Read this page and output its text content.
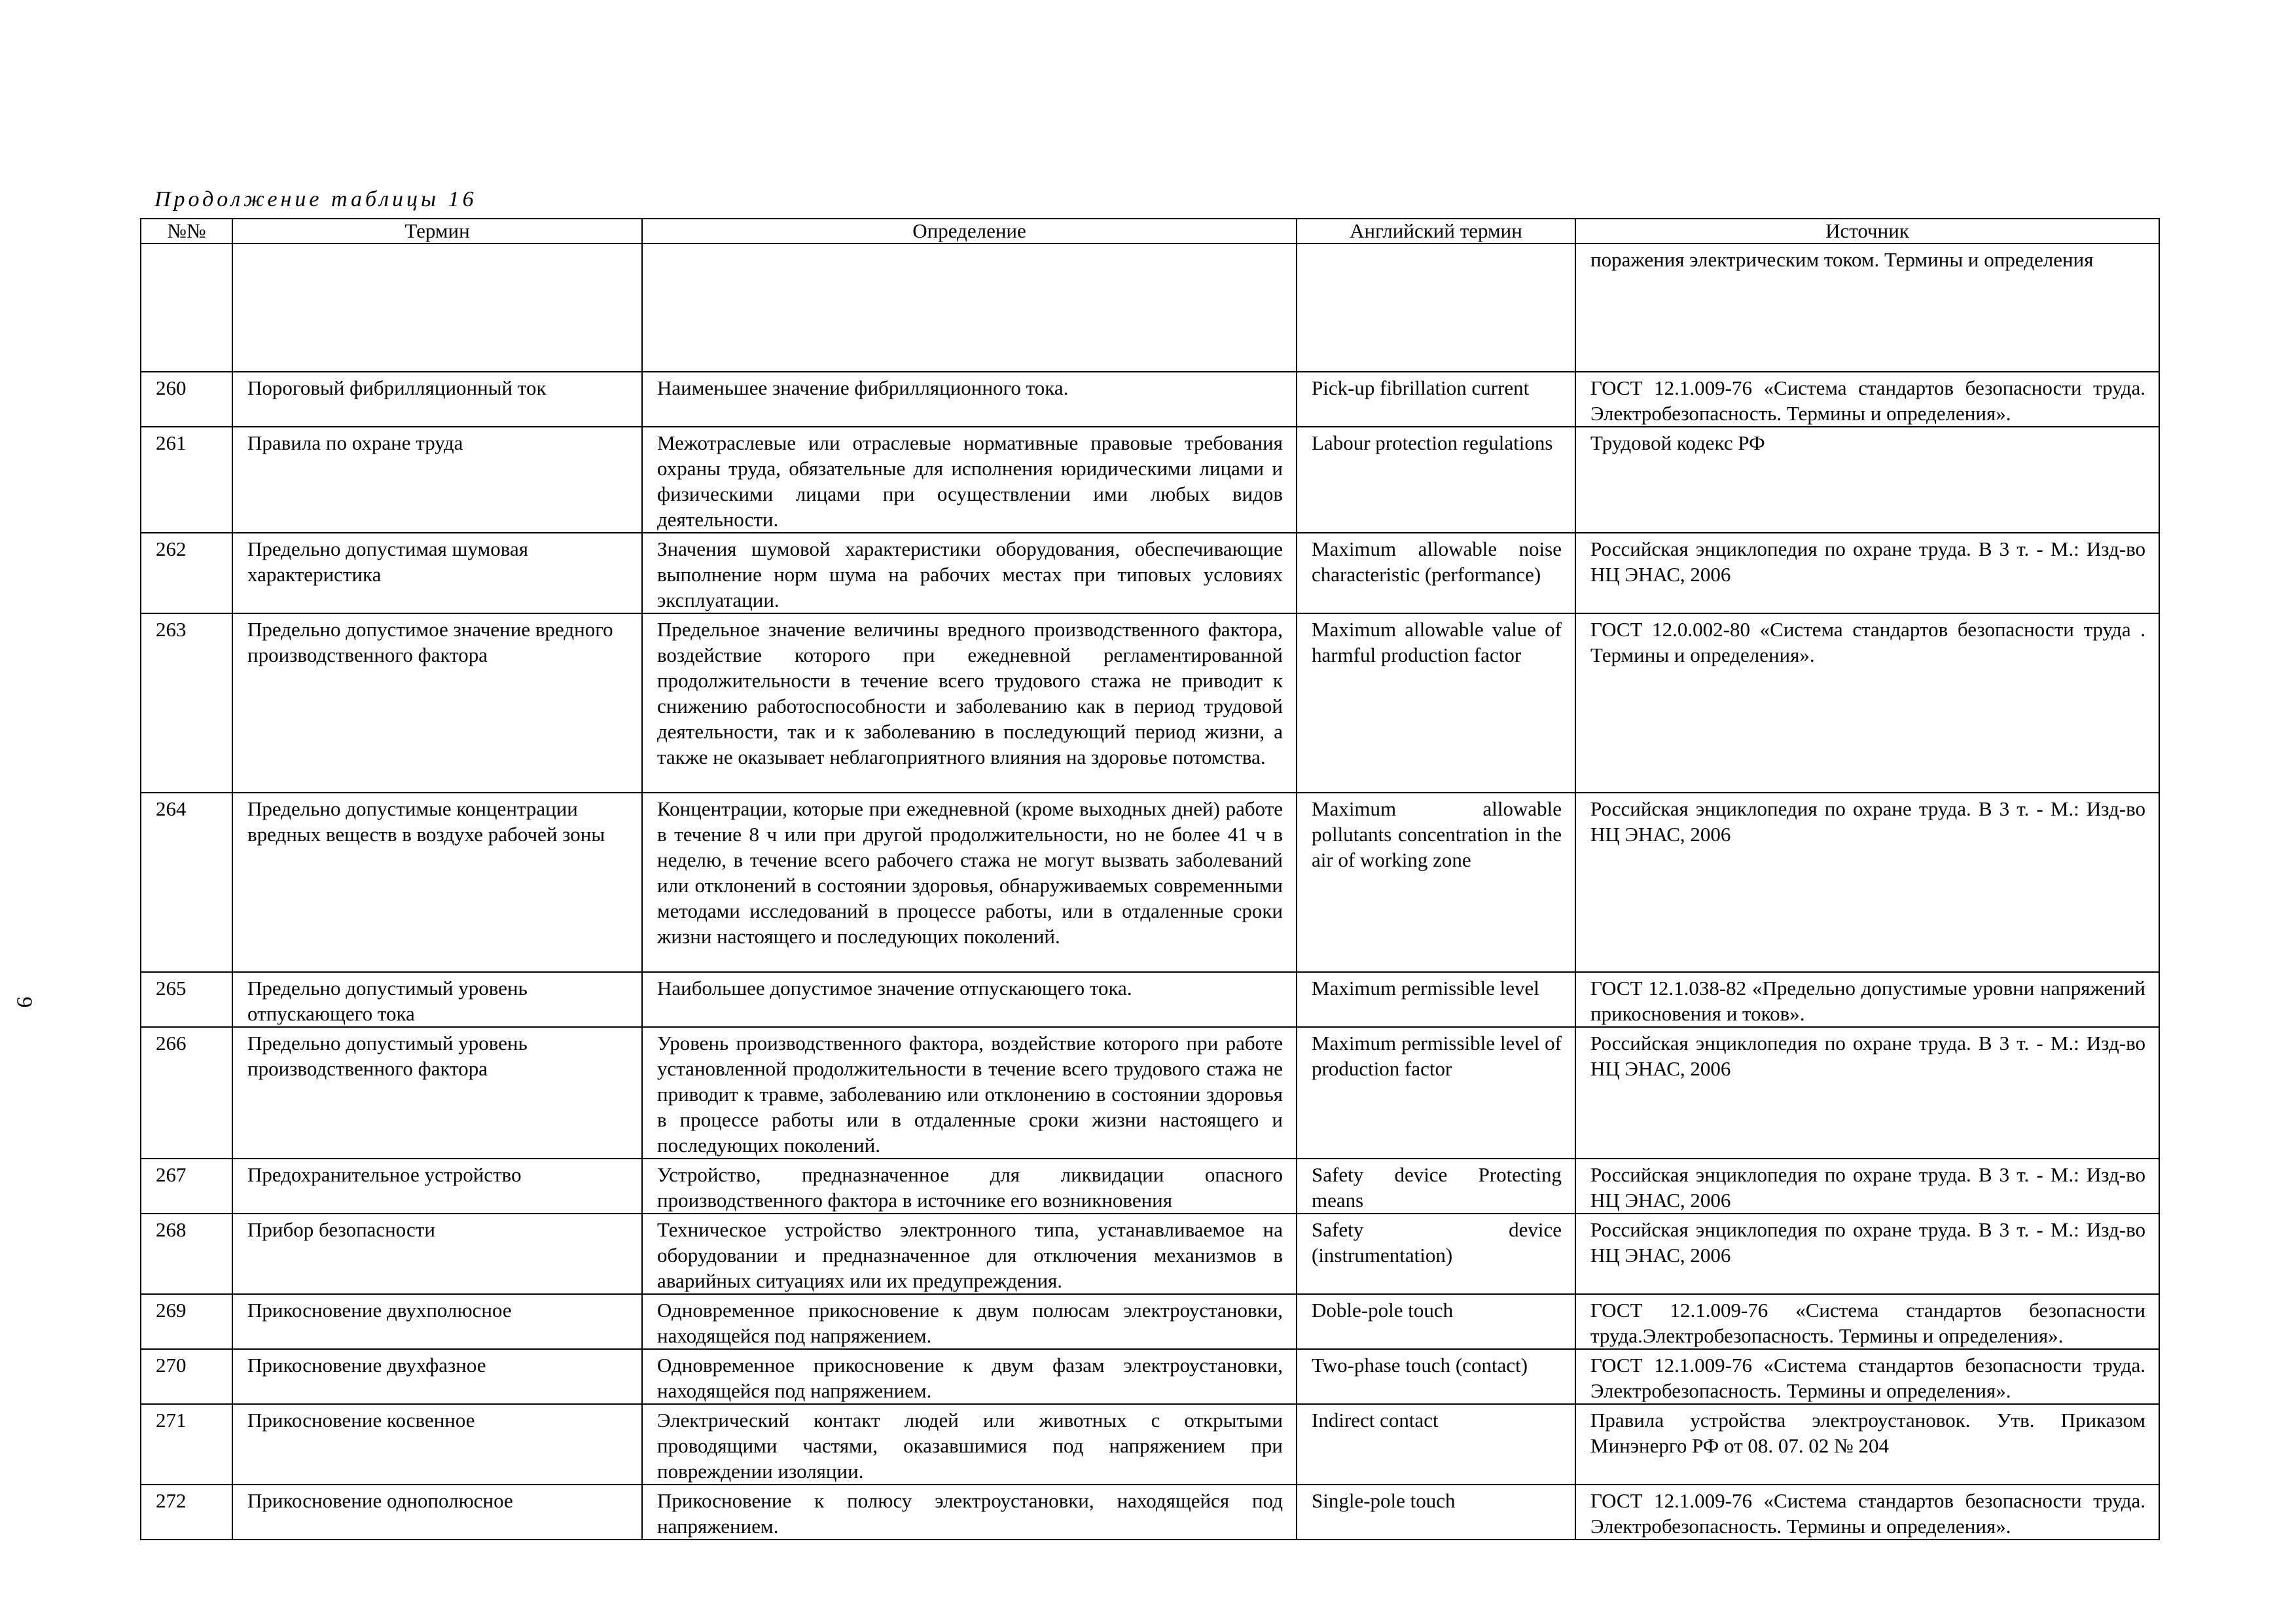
Продолжение таблицы 16
9
№№	Термин	Определение	Английский термин	Источник
				поражения электрическим током. Термины и определения
260	Пороговый фибрилляционный ток	Наименьшее значение фибрилляционного тока.	Pick-up fibrillation current	ГОСТ 12.1.009-76 «Система стандартов безопасности труда. Электробезопасность. Термины и определения».
261	Правила по охране труда	Межотраслевые или отраслевые нормативные правовые требования охраны труда, обязательные для исполнения юридическими лицами и физическими лицами при осуществлении ими любых видов деятельности.	Labour protection regulations	Трудовой кодекс РФ
262	Предельно допустимая шумовая характеристика	Значения шумовой характеристики оборудования, обеспечивающие выполнение норм шума на рабочих местах при типовых условиях эксплуатации.	Maximum allowable noise characteristic (performance)	Российская энциклопедия по охране труда. В 3 т. - М.: Изд-во НЦ ЭНАС, 2006
263	Предельно допустимое значение вредного производственного фактора	Предельное значение величины вредного производственного фактора, воздействие которого при ежедневной регламентированной продолжительности в течение всего трудового стажа не приводит к снижению работоспособности и заболеванию как в период трудовой деятельности, так и к заболеванию в последующий период жизни, а также не оказывает неблагоприятного влияния на здоровье потомства.	Maximum allowable value of harmful production factor	ГОСТ 12.0.002-80 «Система стандартов безопасности труда . Термины и определения».
264	Предельно допустимые концентрации вредных веществ в воздухе рабочей зоны	Концентрации, которые при ежедневной (кроме выходных дней) работе в течение 8 ч или при другой продолжительности, но не более 41 ч в неделю, в течение всего рабочего стажа не могут вызвать заболеваний или отклонений в состоянии здоровья, обнаруживаемых современными методами исследований в процессе работы, или в отдаленные сроки жизни настоящего и последующих поколений.	Maximum allowable pollutants concentration in the air of working zone	Российская энциклопедия по охране труда. В 3 т. - М.: Изд-во НЦ ЭНАС, 2006
265	Предельно допустимый уровень отпускающего тока	Наибольшее допустимое значение отпускающего тока.	Maximum permissible level	ГОСТ 12.1.038-82 «Предельно допустимые уровни напряжений прикосновения и токов».
266	Предельно допустимый уровень производственного фактора	Уровень производственного фактора, воздействие которого при работе установленной продолжительности в течение всего трудового стажа не приводит к травме, заболеванию или отклонению в состоянии здоровья в процессе работы или в отдаленные сроки жизни настоящего и последующих поколений.	Maximum permissible level of production factor	Российская энциклопедия по охране труда. В 3 т. - М.: Изд-во НЦ ЭНАС, 2006
267	Предохранительное устройство	Устройство, предназначенное для ликвидации опасного производственного фактора в источнике его возникновения	Safety device Protecting means	Российская энциклопедия по охране труда. В 3 т. - М.: Изд-во НЦ ЭНАС, 2006
268	Прибор безопасности	Техническое устройство электронного типа, устанавливаемое на оборудовании и предназначенное для отключения механизмов в аварийных ситуациях или их предупреждения.	Safety device (instrumentation)	Российская энциклопедия по охране труда. В 3 т. - М.: Изд-во НЦ ЭНАС, 2006
269	Прикосновение двухполюсное	Одновременное прикосновение к двум полюсам электроустановки, находящейся под напряжением.	Doble-pole touch	ГОСТ 12.1.009-76 «Система стандартов безопасности труда.Электробезопасность. Термины и определения».
270	Прикосновение двухфазное	Одновременное прикосновение к двум фазам электроустановки, находящейся под напряжением.	Two-phase touch (contact)	ГОСТ 12.1.009-76 «Система стандартов безопасности труда. Электробезопасность. Термины и определения».
271	Прикосновение косвенное	Электрический контакт людей или животных с открытыми проводящими частями, оказавшимися под напряжением при повреждении изоляции.	Indirect contact	Правила устройства электроустановок. Утв. Приказом Минэнерго РФ от 08. 07. 02 № 204
272	Прикосновение однополюсное	Прикосновение к полюсу электроустановки, находящейся под напряжением.	Single-pole touch	ГОСТ 12.1.009-76 «Система стандартов безопасности труда. Электробезопасность. Термины и определения».
